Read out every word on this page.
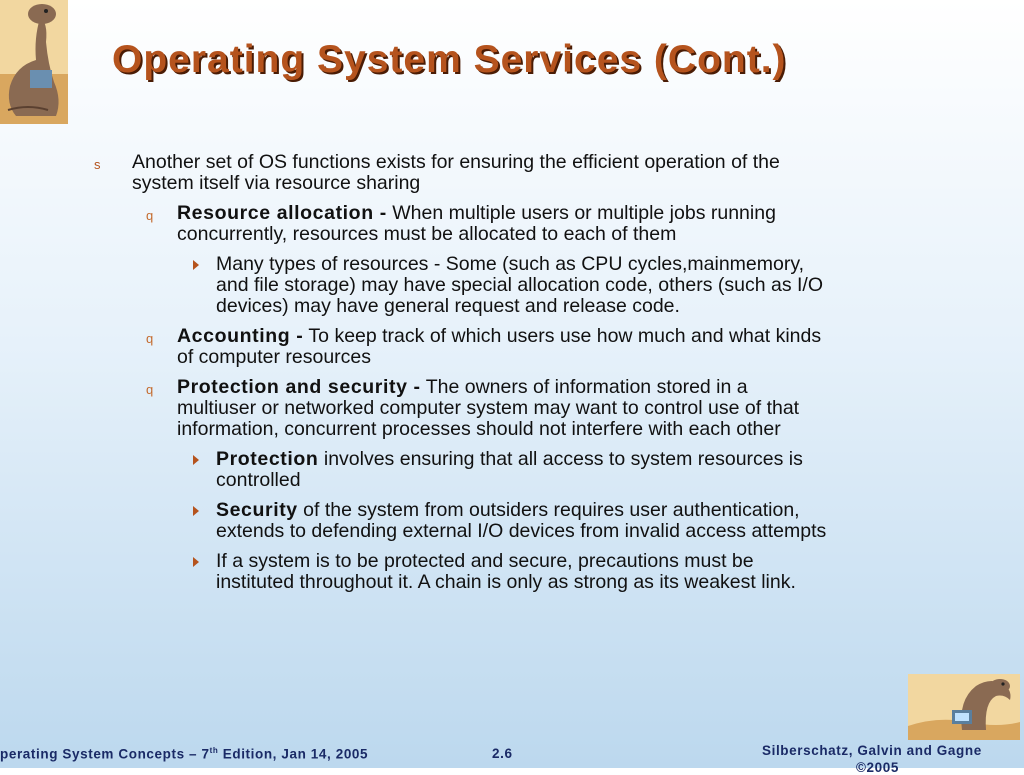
Operating System Services (Cont.)
s Another set of OS functions exists for ensuring the efficient operation of the
system itself via resource sharing
q Resource allocation - When multiple users or multiple jobs running
concurrently, resources must be allocated to each of them
Many types of resources - Some (such as CPU cycles,mainmemory,
and file storage) may have special allocation code, others (such as I/O
devices) may have general request and release code.
q Accounting - To keep track of which users use how much and what kinds
of computer resources
q Protection and security - The owners of information stored in a
multiuser or networked computer system may want to control use of that
information, concurrent processes should not interfere with each other
Protection involves ensuring that all access to system resources is
controlled
Security of the system from outsiders requires user authentication,
extends to defending external I/O devices from invalid access attempts
If a system is to be protected and secure, precautions must be
instituted throughout it. A chain is only as strong as its weakest link.
perating System Concepts – 7th Edition, Jan 14, 2005	2.6	Silberschatz, Galvin and Gagne
©2005
